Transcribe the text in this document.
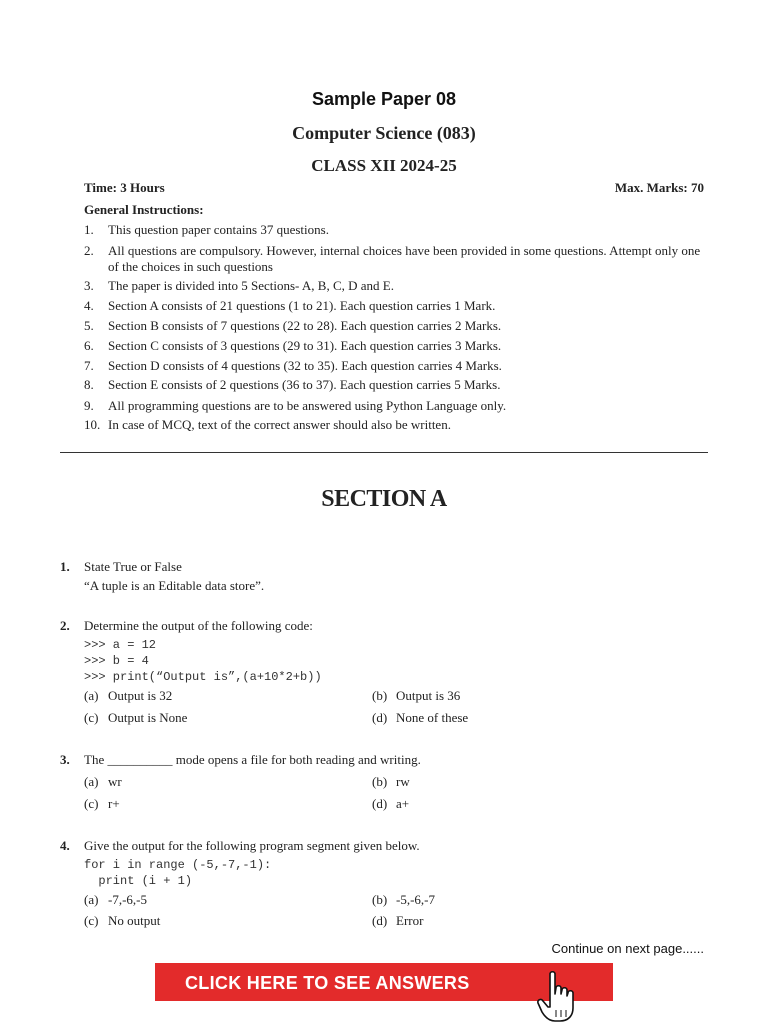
Sample Paper 08
Computer Science (083)
CLASS XII 2024-25
Time: 3 Hours	Max. Marks: 70
General Instructions:
1. This question paper contains 37 questions.
2. All questions are compulsory. However, internal choices have been provided in some questions. Attempt only one of the choices in such questions
3. The paper is divided into 5 Sections- A, B, C, D and E.
4. Section A consists of 21 questions (1 to 21). Each question carries 1 Mark.
5. Section B consists of 7 questions (22 to 28). Each question carries 2 Marks.
6. Section C consists of 3 questions (29 to 31). Each question carries 3 Marks.
7. Section D consists of 4 questions (32 to 35). Each question carries 4 Marks.
8. Section E consists of 2 questions (36 to 37). Each question carries 5 Marks.
9. All programming questions are to be answered using Python Language only.
10. In case of MCQ, text of the correct answer should also be written.
SECTION A
1. State True or False
“A tuple is an Editable data store”.
2. Determine the output of the following code:
>>> a = 12
>>> b = 4
>>> print(“Output is”,(a+10*2+b))
(a) Output is 32	(b) Output is 36
(c) Output is None	(d) None of these
3. The __________ mode opens a file for both reading and writing.
(a) wr	(b) rw
(c) r+	(d) a+
4. Give the output for the following program segment given below.
for i in range (-5,-7,-1):
print (i + 1)
(a) -7,-6,-5	(b) -5,-6,-7
(c) No output	(d) Error
Continue on next page......
CLICK HERE TO SEE ANSWERS
